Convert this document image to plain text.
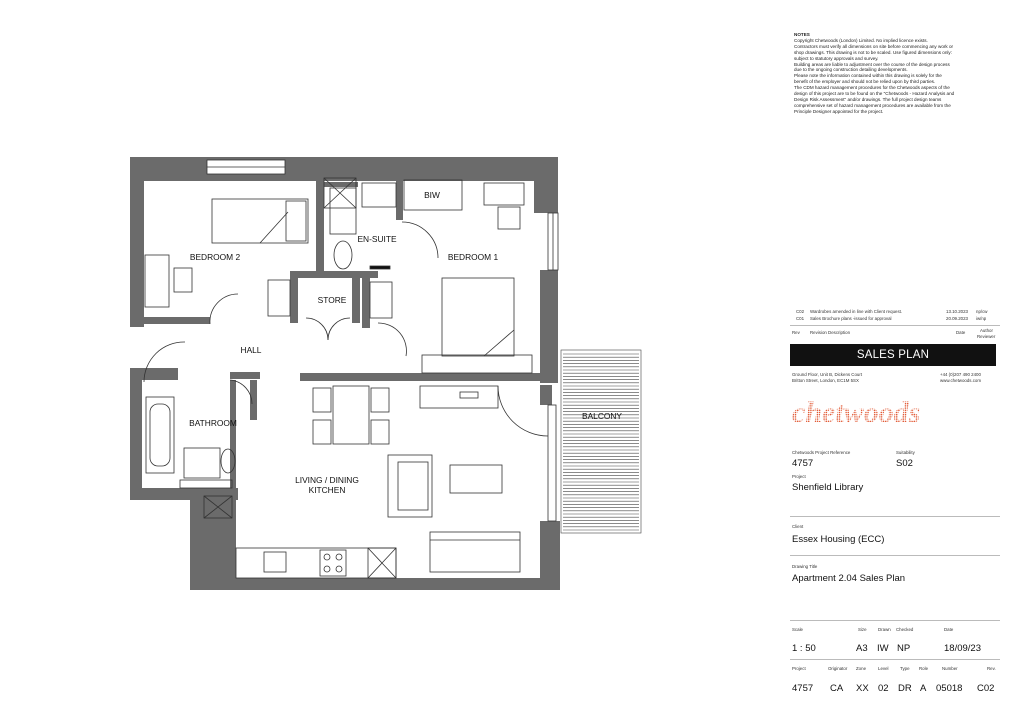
BEDROOM 2
BIW
EN-SUITE
BEDROOM 1
STORE
HALL
BATHROOM
BALCONY
LIVING / DINING
KITCHEN
NOTES
Copyright Chetwoods (London) Limited. No implied licence exists.
Contractors must verify all dimensions on site before commencing any work or
shop drawings. This drawing is not to be scaled. Use figured dimensions only:
subject to statutory approvals and survey.
Building areas are liable to adjustment over the course of the design process
due to the ongoing construction detailing developments.
Please note the information contained within this drawing is solely for the
benefit of the employer and should not be relied upon by third parties.
The CDM hazard management procedures for the Chetwoods aspects of the
design of this project are to be found on the "Chetwoods - Hazard Analysis and
Design Risk Assessment" and/or drawings. The full project design teams
comprehensive set of hazard management procedures are available from the
Principle Designer appointed for the project.
C02 Wardrobes amended in line with Client request.	13.10.2023 np/cw
C01 Sales Brochure plans -issued for approval	20.09.2023 iw/np
Rev Revision Description	Date	Author
Reviewer
SALES PLAN
Ground Floor, Unit B, Dickens Court
Britton Street, London, EC1M 5SX
+44 (0)207 490 2400
www.chetwoods.com
chetwoods
Chetwoods Project Reference
4757
Suitability
S02
Project
Shenfield Library
Client
Essex Housing (ECC)
Drawing Title
Apartment 2.04 Sales Plan
Scale	Size	Drawn Checked	Date
1 : 50	A3 IW NP	18/09/23
Project	Originator Zone	Level	Type Role	Number	Rev.
4757 CA XX 02 DR A 05018 C02
